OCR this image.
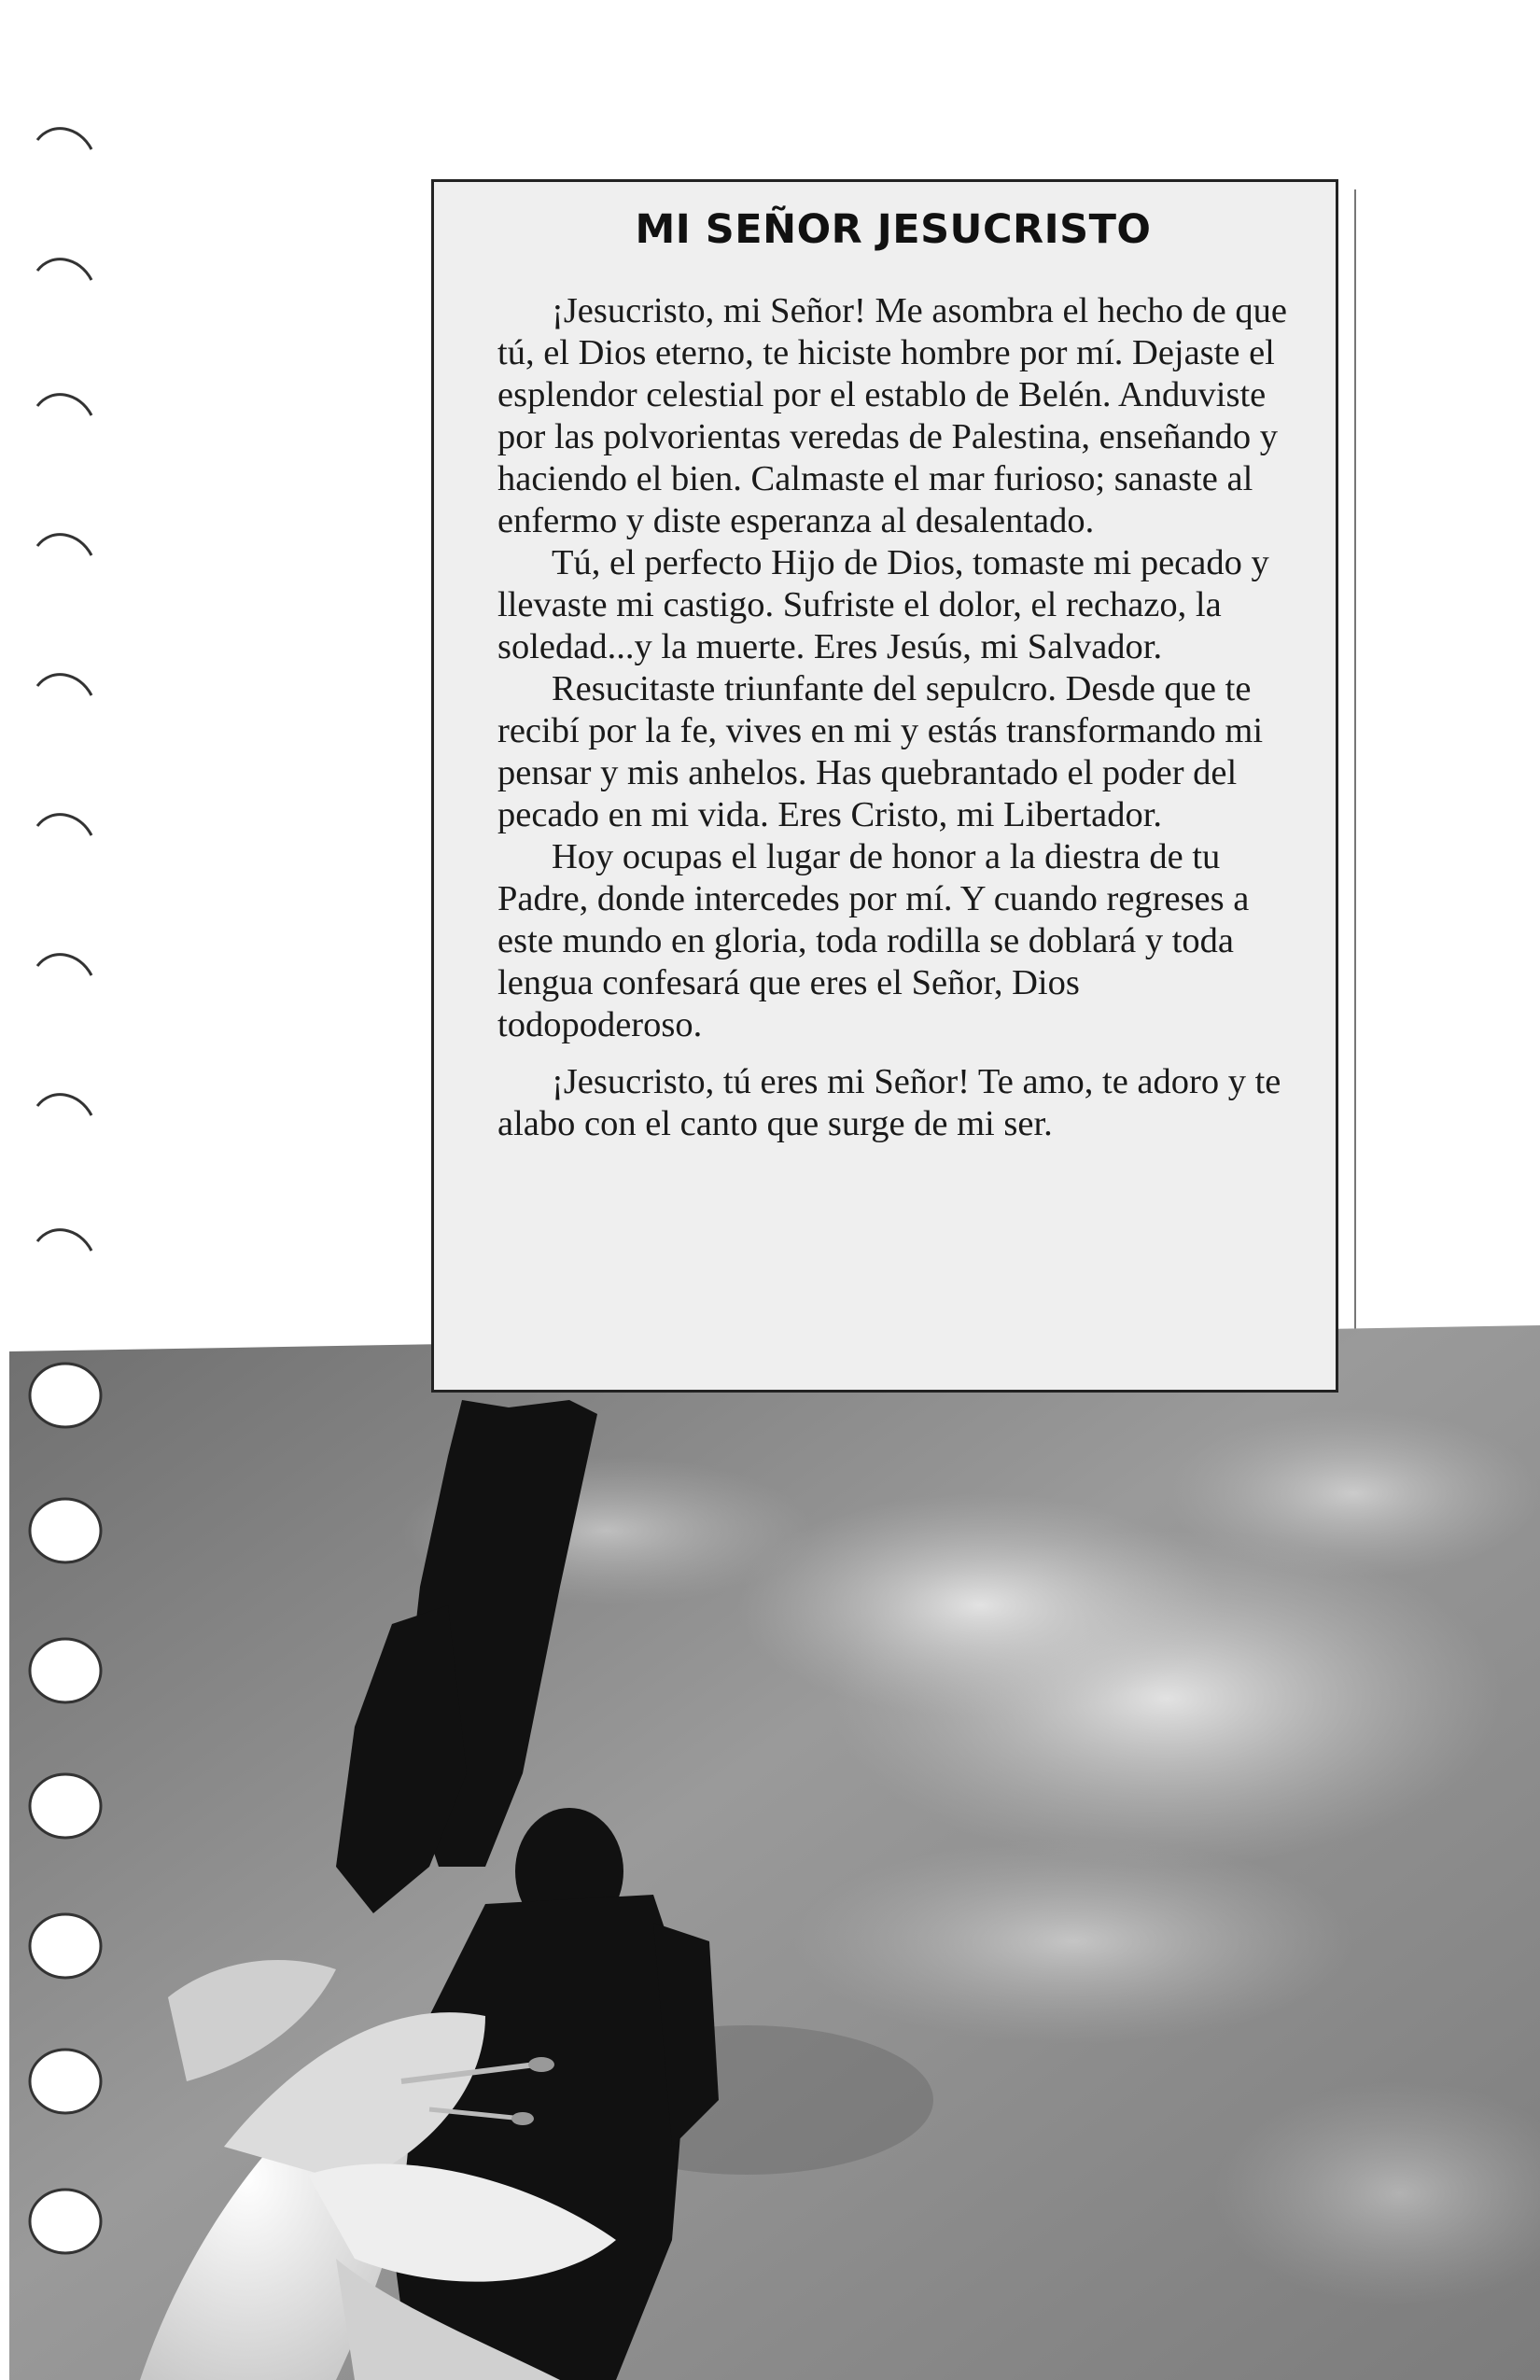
MI SEÑOR JESUCRISTO

¡Jesucristo, mi Señor! Me asombra el hecho de que tú, el Dios eterno, te hiciste hombre por mí. Dejaste el esplendor celestial por el establo de Belén. Anduviste por las polvorientas veredas de Palestina, enseñando y haciendo el bien. Calmaste el mar furioso; sanaste al enfermo y diste esperanza al desalentado.

Tú, el perfecto Hijo de Dios, tomaste mi pecado y llevaste mi castigo. Sufriste el dolor, el rechazo, la soledad...y la muerte. Eres Jesús, mi Salvador.

Resucitaste triunfante del sepulcro. Desde que te recibí por la fe, vives en mi y estás transformando mi pensar y mis anhelos. Has quebrantado el poder del pecado en mi vida. Eres Cristo, mi Libertador.

Hoy ocupas el lugar de honor a la diestra de tu Padre, donde intercedes por mí. Y cuando regreses a este mundo en gloria, toda rodilla se doblará y toda lengua confesará que eres el Señor, Dios todopoderoso.

¡Jesucristo, tú eres mi Señor! Te amo, te adoro y te alabo con el canto que surge de mi ser.
